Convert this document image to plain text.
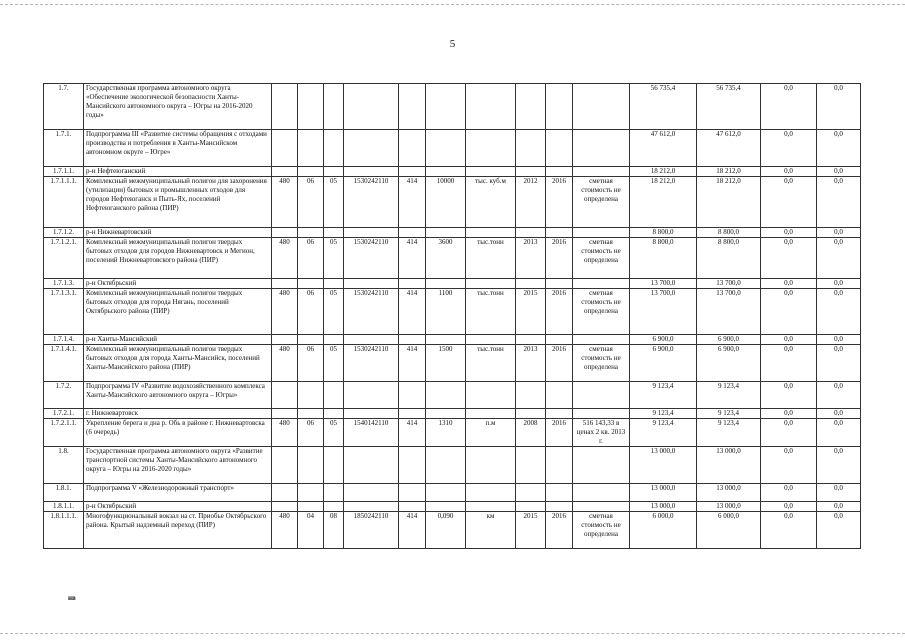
5
1.7.	Государственная программа автономного округа «Обеспечение экологической безопасности Ханты-Мансийского автономного округа – Югры на 2016-2020 годы»											56 735,4	56 735,4	0,0	0,0
1.7.1.	Подпрограмма III «Развитие системы обращения с отходами производства и потребления в Ханты-Мансийском автономном округе – Югре»											47 612,0	47 612,0	0,0	0,0
1.7.1.1.	р-н Нефтеюганский											18 212,0	18 212,0	0,0	0,0
1.7.1.1.1.	Комплексный межмуниципальный полигон для захоронения (утилизации) бытовых и промышленных отходов для городов Нефтеюганск и Пыть-Ях, поселений Нефтеюганского района (ПИР)	480	06	05	1530242110	414	10000	тыс. куб.м	2012	2016	сметная стоимость не определена	18 212,0	18 212,0	0,0	0,0
1.7.1.2.	р-н Нижневартовский											8 800,0	8 800,0	0,0	0,0
1.7.1.2.1.	Комплексный межмуниципальный полигон твердых бытовых отходов для городов Нижневартовск и Мегион, поселений Нижневартовского района (ПИР)	480	06	05	1530242110	414	3600	тыс.тонн	2013	2016	сметная стоимость не определена	8 800,0	8 800,0	0,0	0,0
1.7.1.3.	р-н Октябрьский											13 700,0	13 700,0	0,0	0,0
1.7.1.3.1.	Комплексный межмуниципальный полигон твердых бытовых отходов для города Нягань, поселений Октябрьского района (ПИР)	480	06	05	1530242110	414	1100	тыс.тонн	2015	2016	сметная стоимость не определена	13 700,0	13 700,0	0,0	0,0
1.7.1.4.	р-н Ханты-Мансийский											6 900,0	6 900,0	0,0	0,0
1.7.1.4.1.	Комплексный межмуниципальный полигон твердых бытовых отходов для города Ханты-Мансийск, поселений Ханты-Мансийского района (ПИР)	480	06	05	1530242110	414	1500	тыс.тонн	2013	2016	сметная стоимость не определена	6 900,0	6 900,0	0,0	0,0
1.7.2.	Подпрограмма IV «Развитие водохозяйственного комплекса Ханты-Мансийского автономного округа – Югры»											9 123,4	9 123,4	0,0	0,0
1.7.2.1.	г. Нижневартовск											9 123,4	9 123,4	0,0	0,0
1.7.2.1.1.	Укрепление берега и дна р. Обь в районе г. Нижневартовска (6 очередь)	480	06	05	1540142110	414	1310	п.м	2008	2016	516 143,33 в ценах 2 кв. 2013 г.	9 123,4	9 123,4	0,0	0,0
1.8.	Государственная программа автономного округа «Развитие транспортной системы Ханты-Мансийского автономного округа – Югры на 2016-2020 годы»											13 000,0	13 000,0	0,0	0,0
1.8.1.	Подпрограмма V «Железнодорожный транспорт»											13 000,0	13 000,0	0,0	0,0
1.8.1.1.	р-н Октябрьский											13 000,0	13 000,0	0,0	0,0
1.8.1.1.1.	Многофункциональный вокзал на ст. Приобье Октябрьского района. Крытый надземный переход (ПИР)	480	04	08	1850242110	414	0,090	км	2015	2016	сметная стоимость не определена	6 000,0	6 000,0	0,0	0,0
нв
